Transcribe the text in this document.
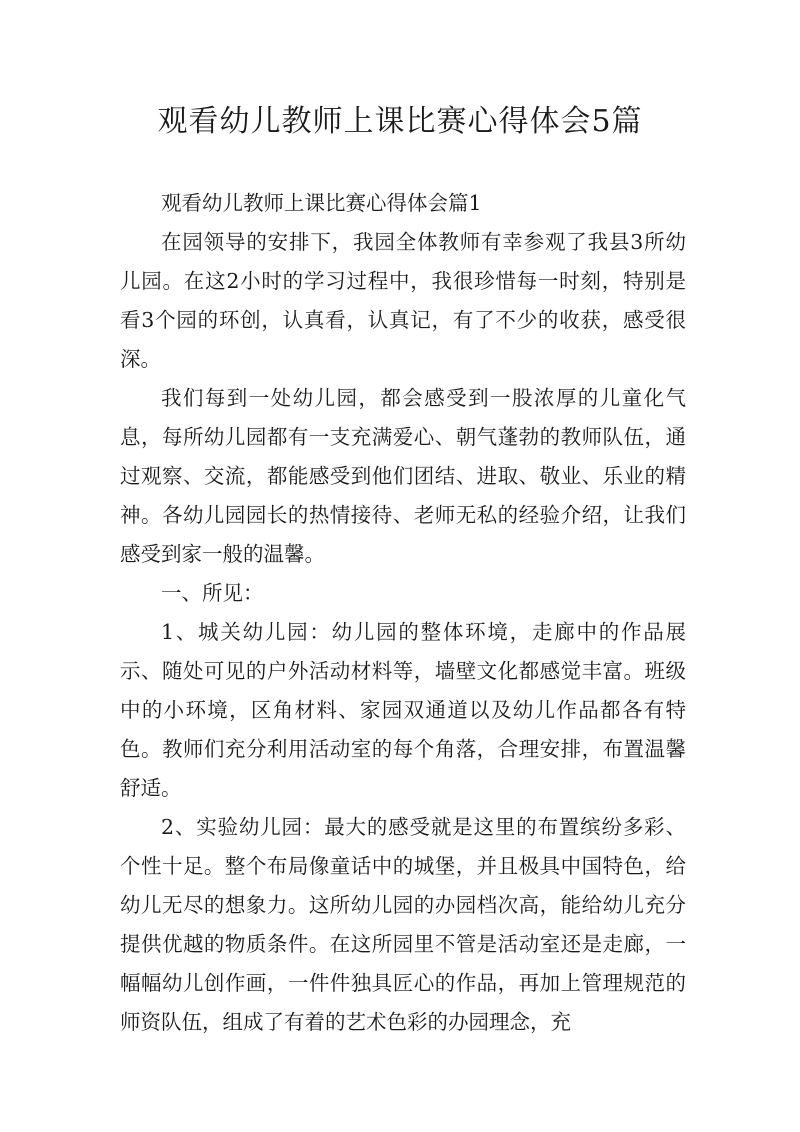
观看幼儿教师上课比赛心得体会5篇

观看幼儿教师上课比赛心得体会篇1

在园领导的安排下，我园全体教师有幸参观了我县3所幼儿园。在这2小时的学习过程中，我很珍惜每一时刻，特别是看3个园的环创，认真看，认真记，有了不少的收获，感受很深。

我们每到一处幼儿园，都会感受到一股浓厚的儿童化气息，每所幼儿园都有一支充满爱心、朝气蓬勃的教师队伍，通过观察、交流，都能感受到他们团结、进取、敬业、乐业的精神。各幼儿园园长的热情接待、老师无私的经验介绍，让我们感受到家一般的温馨。

一、所见：

1、城关幼儿园：幼儿园的整体环境，走廊中的作品展示、随处可见的户外活动材料等，墙壁文化都感觉丰富。班级中的小环境，区角材料、家园双通道以及幼儿作品都各有特色。教师们充分利用活动室的每个角落，合理安排，布置温馨舒适。

2、实验幼儿园：最大的感受就是这里的布置缤纷多彩、个性十足。整个布局像童话中的城堡，并且极具中国特色，给幼儿无尽的想象力。这所幼儿园的办园档次高，能给幼儿充分提供优越的物质条件。在这所园里不管是活动室还是走廊，一幅幅幼儿创作画，一件件独具匠心的作品，再加上管理规范的师资队伍，组成了有着的艺术色彩的办园理念，充
